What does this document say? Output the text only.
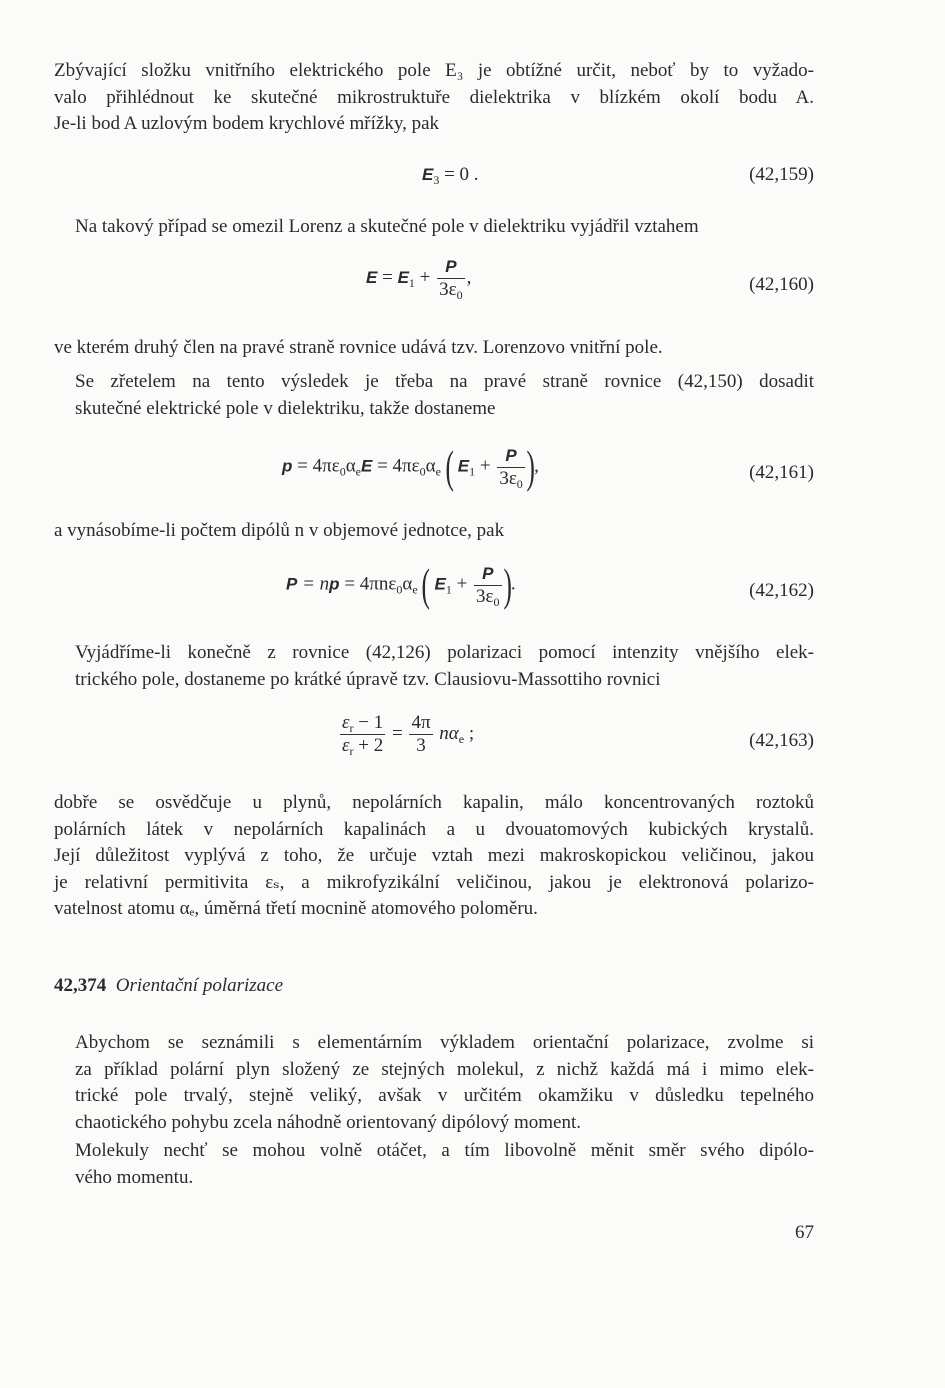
Zbývající složku vnitřního elektrického pole E₃ je obtížné určit, neboť by to vyžado-
valo přihlédnout ke skutečné mikrostruktuře dielektrika v blízkém okolí bodu A.
Je-li bod A uzlovým bodem krychlové mřížky, pak
$E_3 = 0$ .	(42,159)
Na takový případ se omezil Lorenz a skutečné pole v dielektriku vyjádřil vztahem
$E = E_1 + \frac{P}{3\varepsilon_0}$ ,	(42,160)
ve kterém druhý člen na pravé straně rovnice udává tzv. Lorenzovo vnitřní pole.
Se zřetelem na tento výsledek je třeba na pravé straně rovnice (42,150) dosadit
skutečné elektrické pole v dielektriku, takže dostaneme
$p = 4\pi\varepsilon_0\alpha_eE = 4\pi\varepsilon_0\alpha_e$ ( $E_1 + \frac{P}{3\varepsilon_0}$ ),	(42,161)
a vynásobíme-li počtem dipólů n v objemové jednotce, pak
P = np = $4\pi n\varepsilon_0\alpha_e$ ( $E_1 + \frac{P}{3\varepsilon_0}$ ).	(42,162)
Vyjádříme-li konečně z rovnice (42,126) polarizaci pomocí intenzity vnějšího elek-
trického pole, dostaneme po krátké úpravě tzv. Clausiovu-Massottiho rovnici
$\frac{\varepsilon_r - 1}{\varepsilon_r + 2} = \frac{4\pi}{3} n\alpha_e$ ;	(42,163)
dobře se osvědčuje u plynů, nepolárních kapalin, málo koncentrovaných roztoků
polárních látek v nepolárních kapalinách a u dvouatomových kubických krystalů.
Její důležitost vyplývá z toho, že určuje vztah mezi makroskopickou veličinou, jakou
je relativní permitivita εₛ, a mikrofyzikální veličinou, jakou je elektronová polarizo-
vatelnost atomu αₑ, úměrná třetí mocnině atomového poloměru.
42,374 Orientační polarizace
Abychom se seznámili s elementárním výkladem orientační polarizace, zvolme si
za příklad polární plyn složený ze stejných molekul, z nichž každá má i mimo elek-
trické pole trvalý, stejně veliký, avšak v určitém okamžiku v důsledku tepelného
chaotického pohybu zcela náhodně orientovaný dipólový moment.
Molekuly nechť se mohou volně otáčet, a tím libovolně měnit směr svého dipólo-
vého momentu.
67
